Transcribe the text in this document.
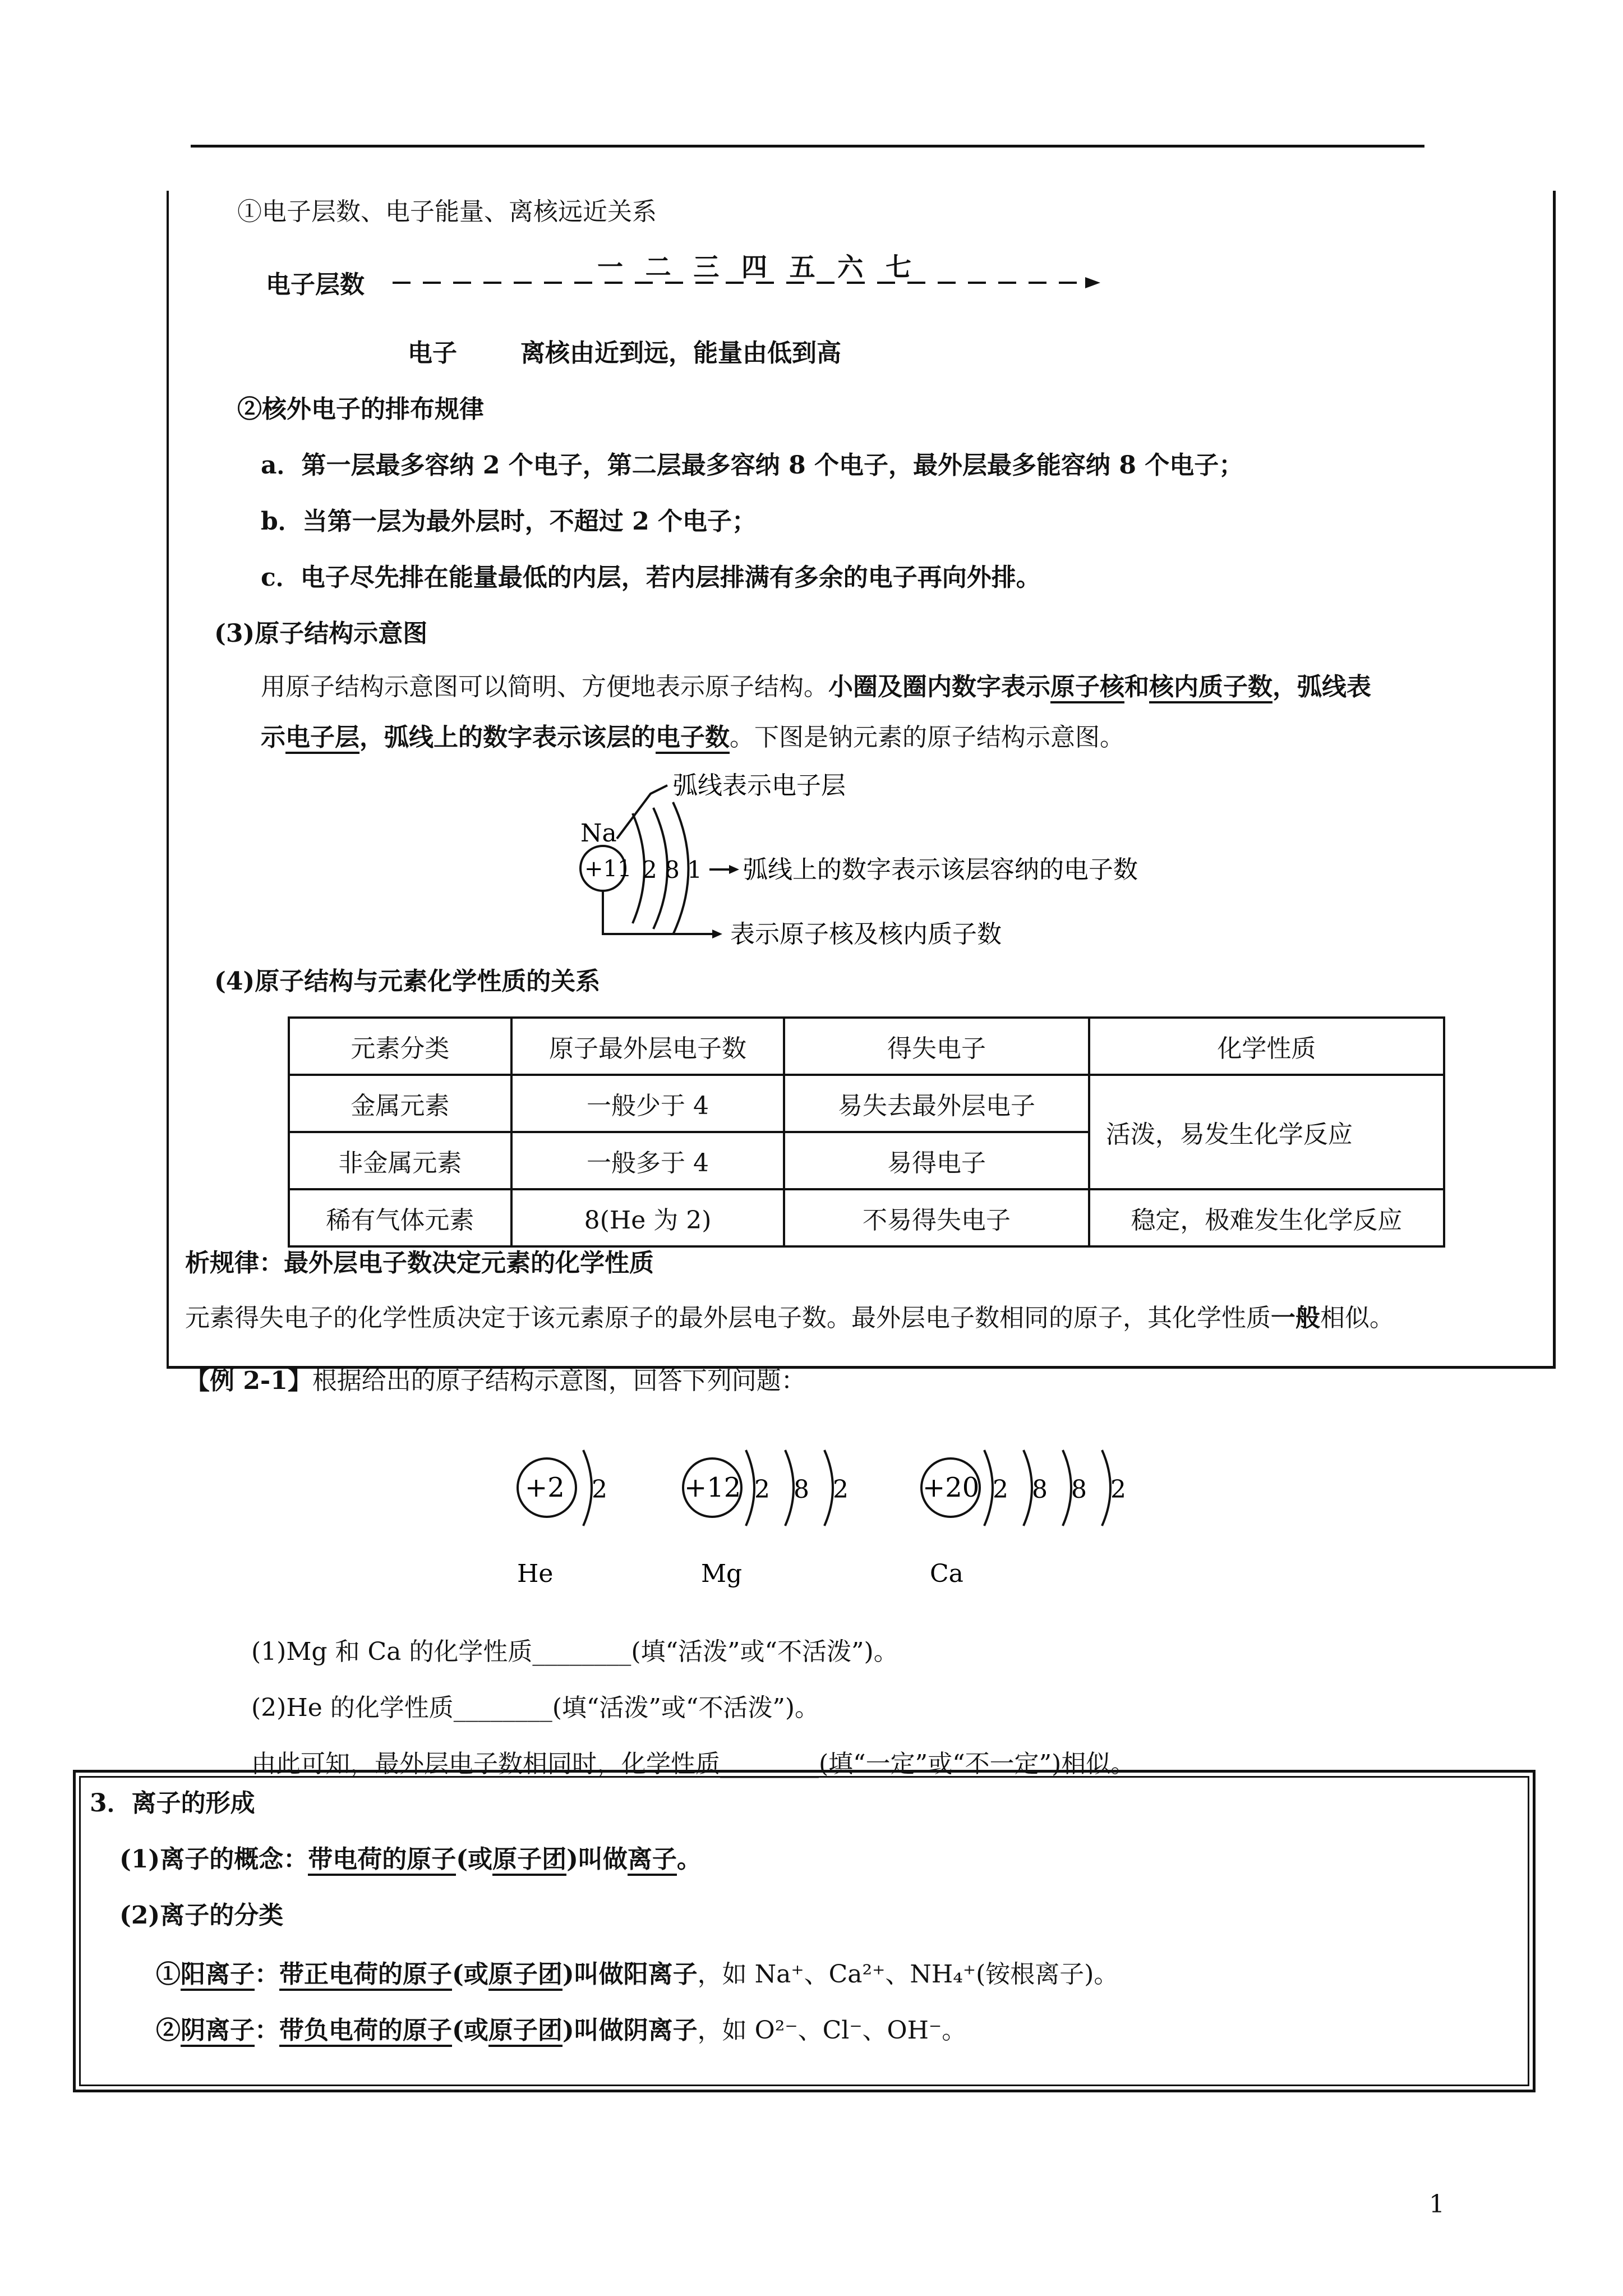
①电子层数、电子能量、离核远近关系
电子层数
一 二 三 四 五 六 七
电子	离核由近到远，能量由低到高
②核外电子的排布规律
a．第一层最多容纳 2 个电子，第二层最多容纳 8 个电子，最外层最多能容纳 8 个电子；
b．当第一层为最外层时，不超过 2 个电子；
c．电子尽先排在能量最低的内层，若内层排满有多余的电子再向外排。
(3)原子结构示意图
用原子结构示意图可以简明、方便地表示原子结构。小圈及圈内数字表示原子核和核内质子数，弧线表
示电子层，弧线上的数字表示该层的电子数。下图是钠元素的原子结构示意图。
Na
+11 2 8 1
弧线表示电子层
弧线上的数字表示该层容纳的电子数
表示原子核及核内质子数
(4)原子结构与元素化学性质的关系
元素分类	原子最外层电子数	得失电子	化学性质
金属元素	一般少于 4	易失去最外层电子	活泼，易发生化学反应
非金属元素	一般多于 4	易得电子	
稀有气体元素	8(He 为 2)	不易得失电子	稳定，极难发生化学反应
析规律：最外层电子数决定元素的化学性质
元素得失电子的化学性质决定于该元素原子的最外层电子数。最外层电子数相同的原子，其化学性质一般相似。
【例 2-1】根据给出的原子结构示意图，回答下列问题：
+2 2
He
+12 2 8 2
Mg
+20 2 8 8 2
Ca
(1)Mg 和 Ca 的化学性质________(填“活泼”或“不活泼”)。
(2)He 的化学性质________(填“活泼”或“不活泼”)。
由此可知，最外层电子数相同时，化学性质________(填“一定”或“不一定”)相似。
3．离子的形成
(1)离子的概念：带电荷的原子(或原子团)叫做离子。
(2)离子的分类
①阳离子：带正电荷的原子(或原子团)叫做阳离子，如 Na⁺、Ca²⁺、NH₄⁺(铵根离子)。
②阴离子：带负电荷的原子(或原子团)叫做阴离子，如 O²⁻、Cl⁻、OH⁻。
1
